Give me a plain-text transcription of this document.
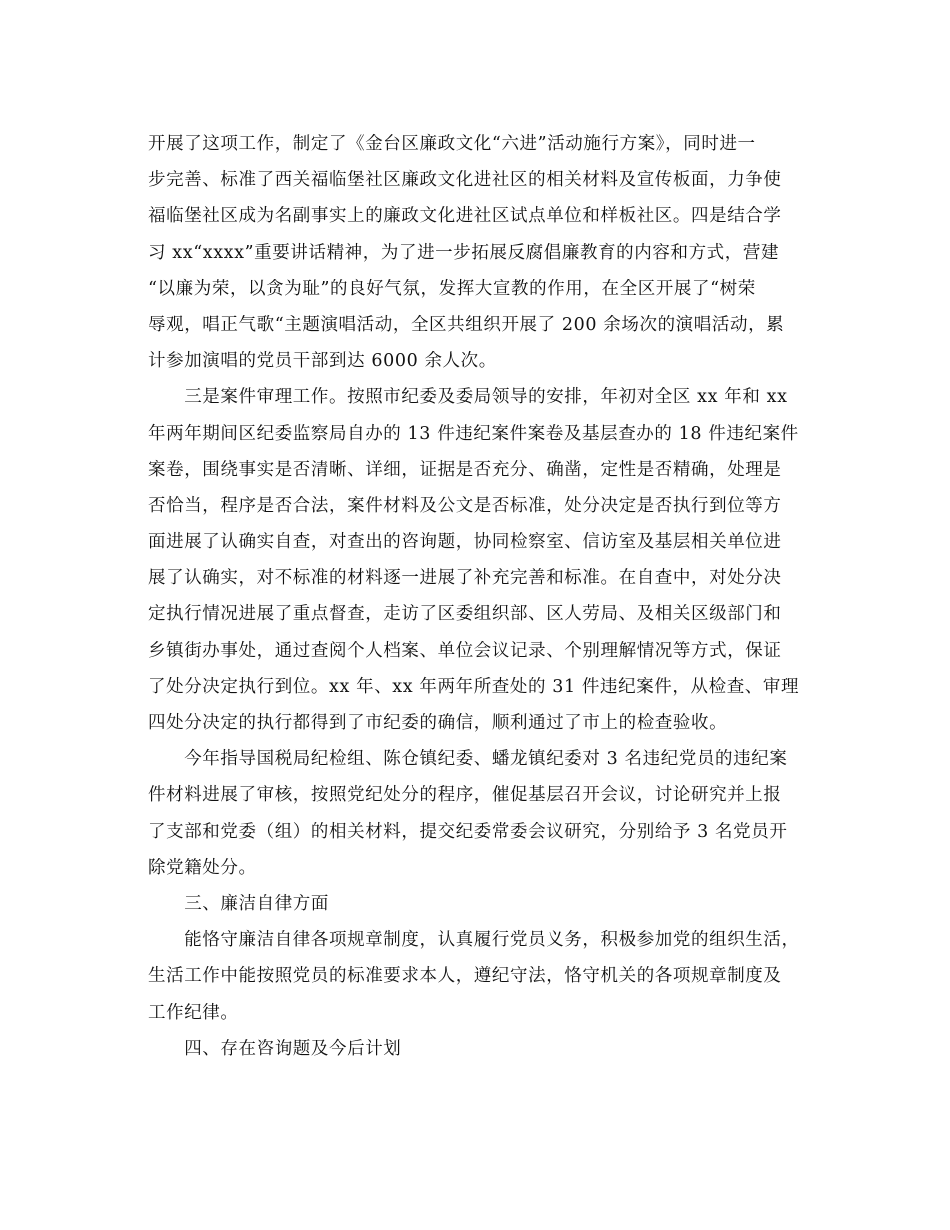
开展了这项工作，制定了《金台区廉政文化“六进”活动施行方案》，同时进一
步完善、标准了西关福临堡社区廉政文化进社区的相关材料及宣传板面，力争使
福临堡社区成为名副事实上的廉政文化进社区试点单位和样板社区。四是结合学
习 xx“xxxx”重要讲话精神，为了进一步拓展反腐倡廉教育的内容和方式，营建
“以廉为荣，以贪为耻”的良好气氛，发挥大宣教的作用，在全区开展了“树荣
辱观，唱正气歌“主题演唱活动，全区共组织开展了 200 余场次的演唱活动，累
计参加演唱的党员干部到达 6000 余人次。
　　三是案件审理工作。按照市纪委及委局领导的安排，年初对全区 xx 年和 xx
年两年期间区纪委监察局自办的 13 件违纪案件案卷及基层查办的 18 件违纪案件
案卷，围绕事实是否清晰、详细，证据是否充分、确凿，定性是否精确，处理是
否恰当，程序是否合法，案件材料及公文是否标准，处分决定是否执行到位等方
面进展了认确实自查，对查出的咨询题，协同检察室、信访室及基层相关单位进
展了认确实，对不标准的材料逐一进展了补充完善和标准。在自查中，对处分决
定执行情况进展了重点督查，走访了区委组织部、区人劳局、及相关区级部门和
乡镇街办事处，通过查阅个人档案、单位会议记录、个别理解情况等方式，保证
了处分决定执行到位。xx 年、xx 年两年所查处的 31 件违纪案件，从检查、审理
四处分决定的执行都得到了市纪委的确信，顺利通过了市上的检查验收。
　　今年指导国税局纪检组、陈仓镇纪委、蟠龙镇纪委对 3 名违纪党员的违纪案
件材料进展了审核，按照党纪处分的程序，催促基层召开会议，讨论研究并上报
了支部和党委（组）的相关材料，提交纪委常委会议研究，分别给予 3 名党员开
除党籍处分。
　　三、廉洁自律方面
　　能恪守廉洁自律各项规章制度，认真履行党员义务，积极参加党的组织生活，
生活工作中能按照党员的标准要求本人，遵纪守法，恪守机关的各项规章制度及
工作纪律。
　　四、存在咨询题及今后计划
